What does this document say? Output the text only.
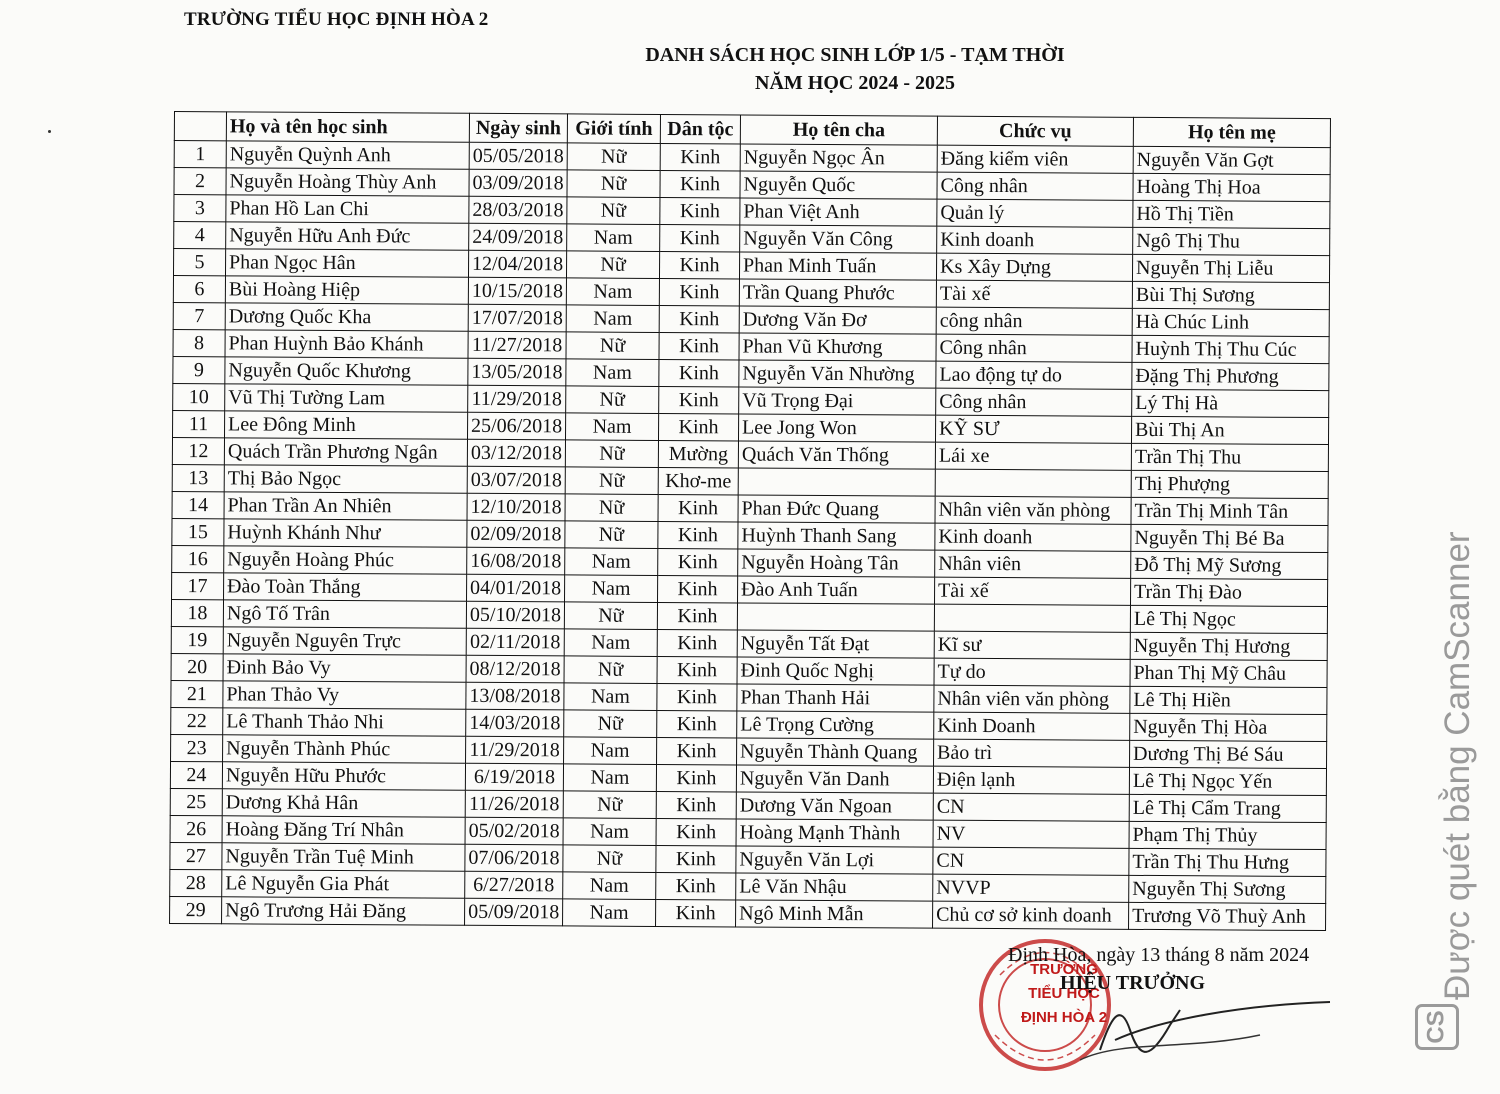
TRƯỜNG TIỂU HỌC ĐỊNH HÒA 2
DANH SÁCH HỌC SINH LỚP 1/5 - TẠM THỜI
NĂM HỌC 2024 - 2025
	Họ và tên học sinh	Ngày sinh	Giới tính	Dân tộc	Họ tên cha	Chức vụ	Họ tên mẹ
1	Nguyễn Quỳnh Anh	05/05/2018	Nữ	Kinh	Nguyễn Ngọc Ân	Đăng kiểm viên	Nguyễn Văn Gợt
2	Nguyễn Hoàng Thùy Anh	03/09/2018	Nữ	Kinh	Nguyễn Quốc	Công nhân	Hoàng Thị Hoa
3	Phan Hồ Lan Chi	28/03/2018	Nữ	Kinh	Phan Việt Anh	Quản lý	Hồ Thị Tiền
4	Nguyễn Hữu Anh Đức	24/09/2018	Nam	Kinh	Nguyễn Văn Công	Kinh doanh	Ngô Thị Thu
5	Phan Ngọc Hân	12/04/2018	Nữ	Kinh	Phan Minh Tuấn	Ks Xây Dựng	Nguyễn Thị Liễu
6	Bùi Hoàng Hiệp	10/15/2018	Nam	Kinh	Trần Quang Phước	Tài xế	Bùi Thị Sương
7	Dương Quốc Kha	17/07/2018	Nam	Kinh	Dương Văn Đơ	công nhân	Hà Chúc Linh
8	Phan Huỳnh Bảo Khánh	11/27/2018	Nữ	Kinh	Phan Vũ Khương	Công nhân	Huỳnh Thị Thu Cúc
9	Nguyễn Quốc Khương	13/05/2018	Nam	Kinh	Nguyễn Văn Nhường	Lao động tự do	Đặng Thị Phương
10	Vũ Thị Tường Lam	11/29/2018	Nữ	Kinh	Vũ Trọng Đại	Công nhân	Lý Thị Hà
11	Lee Đông Minh	25/06/2018	Nam	Kinh	Lee Jong Won	KỸ SƯ	Bùi Thị An
12	Quách Trần Phương Ngân	03/12/2018	Nữ	Mường	Quách Văn Thống	Lái xe	Trần Thị Thu
13	Thị Bảo Ngọc	03/07/2018	Nữ	Khơ-me			Thị Phượng
14	Phan Trần An Nhiên	12/10/2018	Nữ	Kinh	Phan Đức Quang	Nhân viên văn phòng	Trần Thị Minh Tân
15	Huỳnh Khánh Như	02/09/2018	Nữ	Kinh	Huỳnh Thanh Sang	Kinh doanh	Nguyễn Thị Bé Ba
16	Nguyễn Hoàng Phúc	16/08/2018	Nam	Kinh	Nguyễn Hoàng Tân	Nhân viên	Đỗ Thị Mỹ Sương
17	Đào Toàn Thắng	04/01/2018	Nam	Kinh	Đào Anh Tuấn	Tài xế	Trần Thị Đào
18	Ngô Tố Trân	05/10/2018	Nữ	Kinh			Lê Thị Ngọc
19	Nguyễn Nguyên Trực	02/11/2018	Nam	Kinh	Nguyễn Tất Đạt	Kĩ sư	Nguyễn Thị Hương
20	Đinh Bảo Vy	08/12/2018	Nữ	Kinh	Đinh Quốc Nghị	Tự do	Phan Thị Mỹ Châu
21	Phan Thảo Vy	13/08/2018	Nam	Kinh	Phan Thanh Hải	Nhân viên văn phòng	Lê Thị Hiền
22	Lê Thanh Thảo Nhi	14/03/2018	Nữ	Kinh	Lê Trọng Cường	Kinh Doanh	Nguyễn Thị Hòa
23	Nguyễn Thành Phúc	11/29/2018	Nam	Kinh	Nguyễn Thành Quang	Bảo trì	Dương Thị Bé Sáu
24	Nguyễn Hữu Phước	6/19/2018	Nam	Kinh	Nguyễn Văn Danh	Điện lạnh	Lê Thị Ngọc Yến
25	Dương Khả Hân	11/26/2018	Nữ	Kinh	Dương Văn Ngoan	CN	Lê Thị Cẩm Trang
26	Hoàng Đăng Trí Nhân	05/02/2018	Nam	Kinh	Hoàng Mạnh Thành	NV	Phạm Thị Thủy
27	Nguyễn Trần Tuệ Minh	07/06/2018	Nữ	Kinh	Nguyễn Văn Lợi	CN	Trần Thị Thu Hưng
28	Lê Nguyễn Gia Phát	6/27/2018	Nam	Kinh	Lê Văn Nhậu	NVVP	Nguyễn Thị Sương
29	Ngô Trương Hải Đăng	05/09/2018	Nam	Kinh	Ngô Minh Mẫn	Chủ cơ sở kinh doanh	Trương Võ Thuỳ Anh
TRƯỜNG TIỂU HỌC ĐỊNH HÒA 2
Định Hòa, ngày 13 tháng 8 năm 2024
HIỆU TRƯỞNG	Được quét bằng CamScanner
CS
